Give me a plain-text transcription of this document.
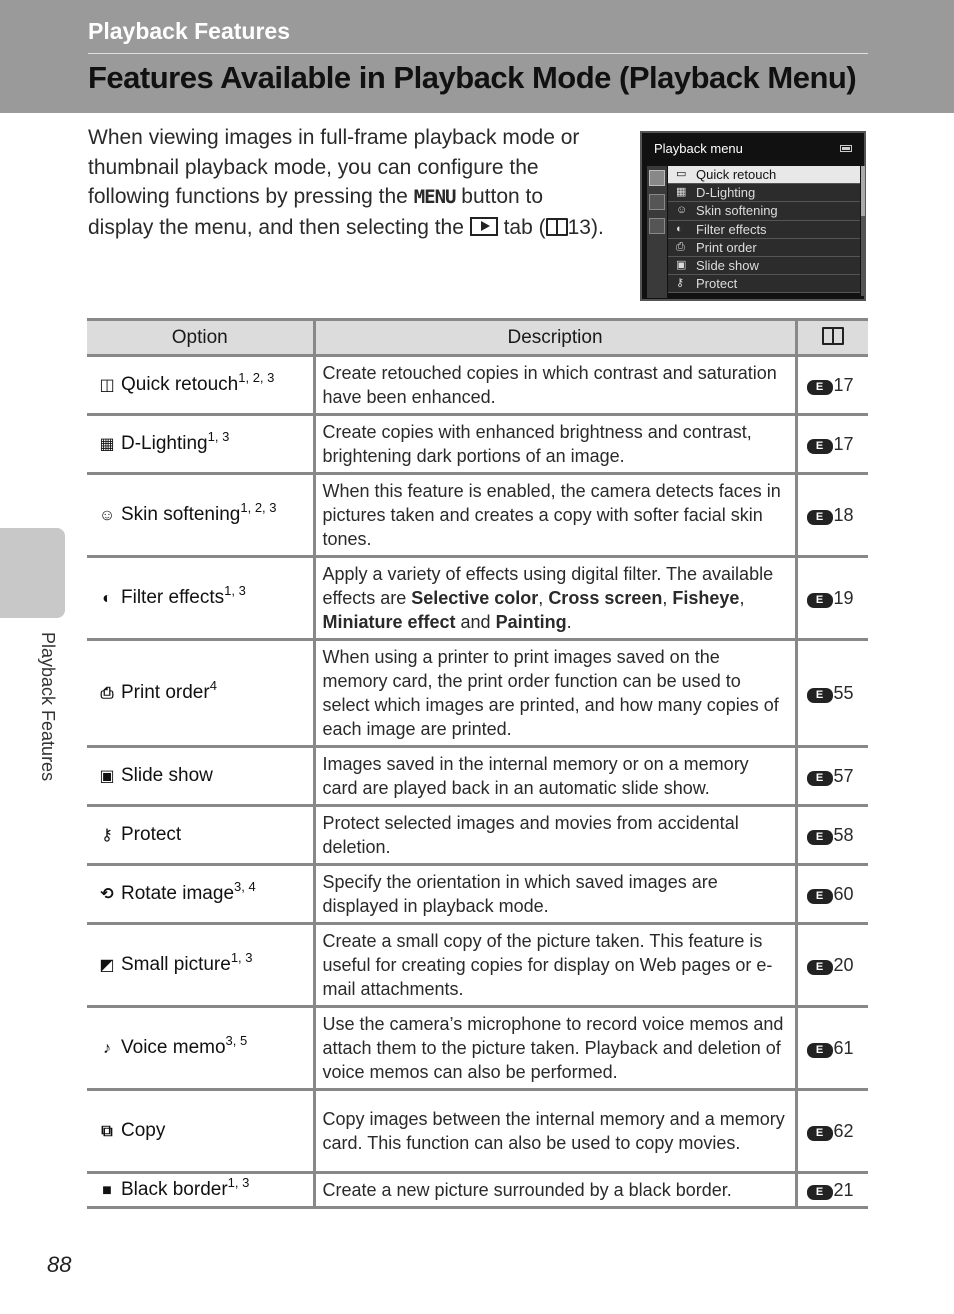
Playback Features
Features Available in Playback Mode (Playback Menu)

When viewing images in full-frame playback mode or thumbnail playback mode, you can configure the following functions by pressing the MENU button to display the menu, and then selecting the  tab ( 13).

Playback menu
▭ Quick retouch
▦ D-Lighting
☺ Skin softening
◐ Filter effects
⎙ Print order
▣ Slide show
⚷ Protect
Option	Description	
◫ Quick retouch$^{1, 2, 3}$	Create retouched copies in which contrast and saturation have been enhanced.	E 17
▦ D-Lighting$^{1, 3}$	Create copies with enhanced brightness and contrast, brightening dark portions of an image.	E 17
☺ Skin softening$^{1, 2, 3}$	When this feature is enabled, the camera detects faces in pictures taken and creates a copy with softer facial skin tones.	E 18
◐ Filter effects$^{1, 3}$	Apply a variety of effects using digital filter. The available effects are Selective color, Cross screen, Fisheye, Miniature effect and Painting.	E 19
⎙ Print order$^4$	When using a printer to print images saved on the memory card, the print order function can be used to select which images are printed, and how many copies of each image are printed.	E 55
▣ Slide show	Images saved in the internal memory or on a memory card are played back in an automatic slide show.	E 57
⚷ Protect	Protect selected images and movies from accidental deletion.	E 58
⟲ Rotate image$^{3, 4}$	Specify the orientation in which saved images are displayed in playback mode.	E 60
◩ Small picture$^{1, 3}$	Create a small copy of the picture taken. This feature is useful for creating copies for display on Web pages or e-mail attachments.	E 20
♪ Voice memo$^{3, 5}$	Use the camera’s microphone to record voice memos and attach them to the picture taken. Playback and deletion of voice memos can also be performed.	E 61
⧉ Copy	Copy images between the internal memory and a memory card. This function can also be used to copy movies.	E 62
■ Black border$^{1, 3}$	Create a new picture surrounded by a black border.	E 21
Playback Features
88
